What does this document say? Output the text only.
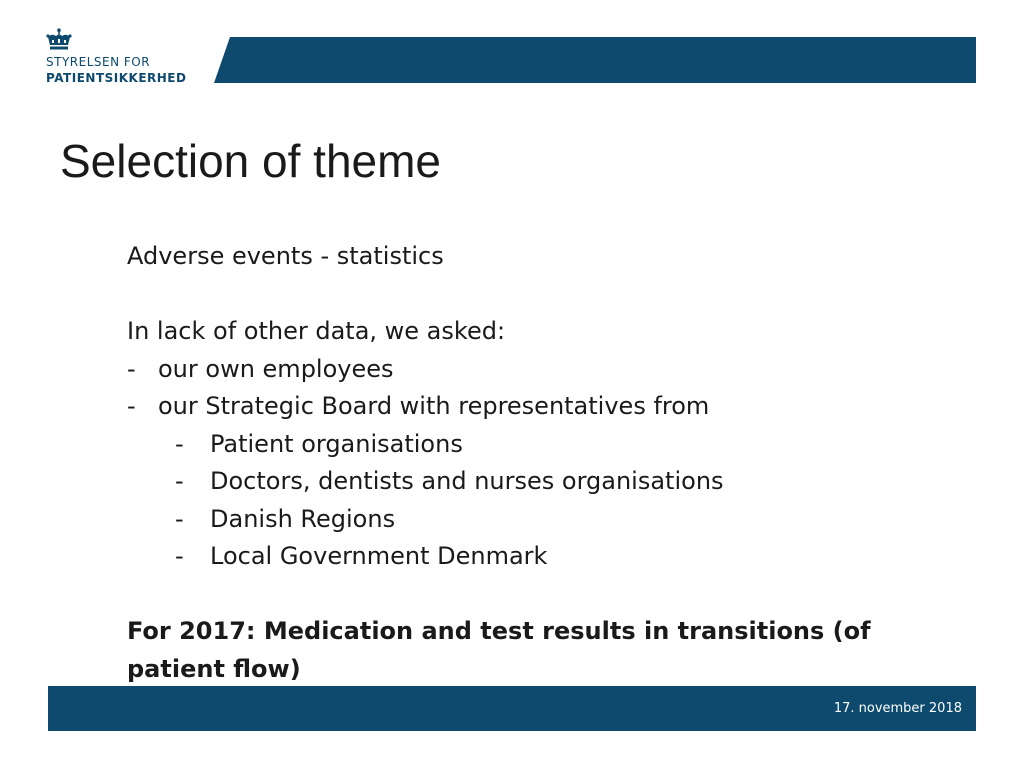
STYRELSEN FOR
PATIENTSIKKERHED
Selection of theme
Adverse events - statistics
In lack of other data, we asked:
- our own employees
- our Strategic Board with representatives from
-	Patient organisations
-	Doctors, dentists and nurses organisations
-	Danish Regions
-	Local Government Denmark
For 2017: Medication and test results in transitions (of patient flow)
17. november 2018
